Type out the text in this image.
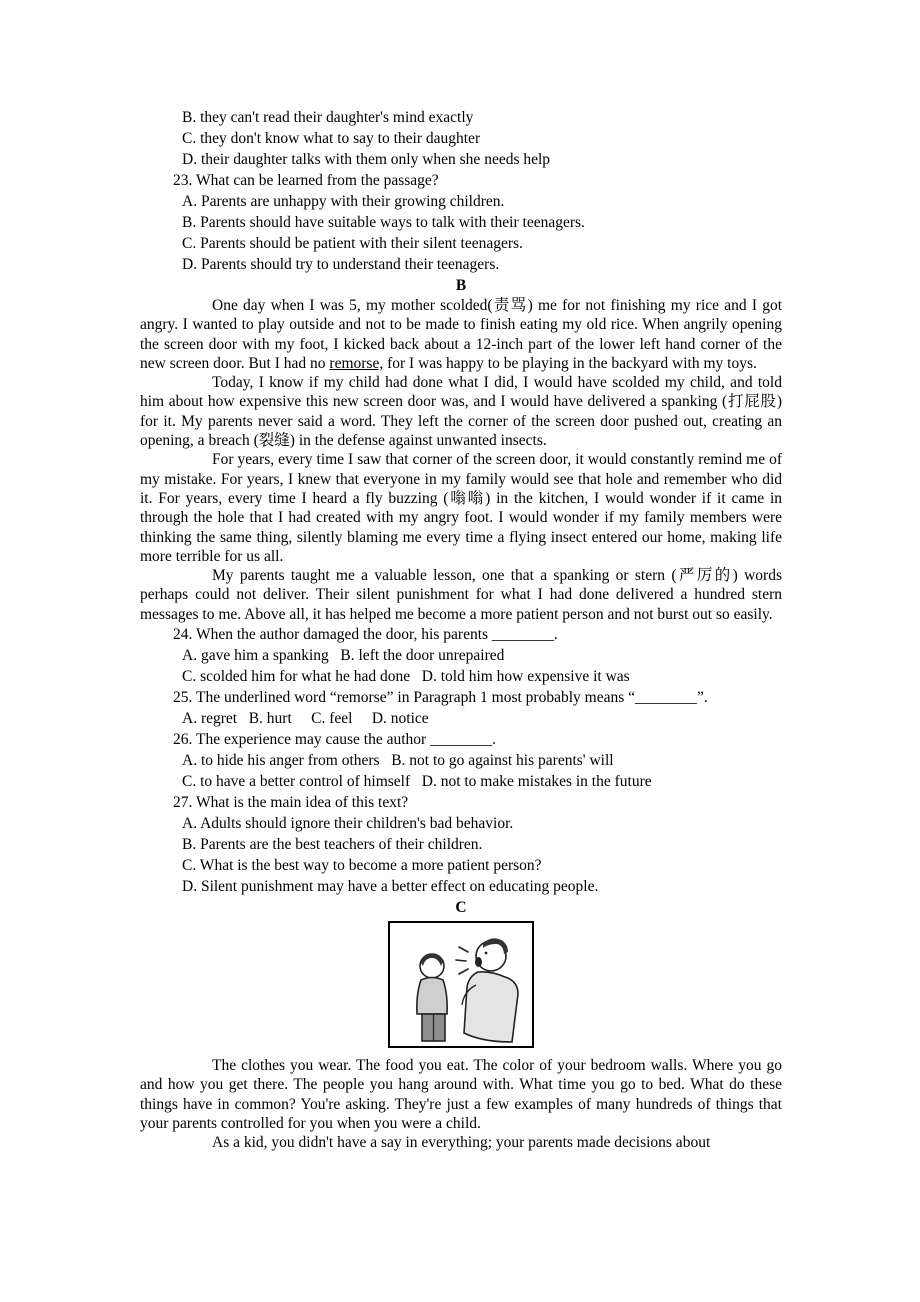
B. they can't read their daughter's mind exactly
C. they don't know what to say to their daughter
D. their daughter talks with them only when she needs help
23. What can be learned from the passage?
A. Parents are unhappy with their growing children.
B. Parents should have suitable ways to talk with their teenagers.
C. Parents should be patient with their silent teenagers.
D. Parents should try to understand their teenagers.
B

One day when I was 5, my mother scolded(责骂) me for not finishing my rice and I got angry. I wanted to play outside and not to be made to finish eating my old rice. When angrily opening the screen door with my foot, I kicked back about a 12-inch part of the lower left hand corner of the new screen door. But I had no remorse, for I was happy to be playing in the backyard with my toys.

Today, I know if my child had done what I did, I would have scolded my child, and told him about how expensive this new screen door was, and I would have delivered a spanking (打屁股) for it. My parents never said a word. They left the corner of the screen door pushed out, creating an opening, a breach (裂缝) in the defense against unwanted insects.

For years, every time I saw that corner of the screen door, it would constantly remind me of my mistake. For years, I knew that everyone in my family would see that hole and remember who did it. For years, every time I heard a fly buzzing (嗡嗡) in the kitchen, I would wonder if it came in through the hole that I had created with my angry foot. I would wonder if my family members were thinking the same thing, silently blaming me every time a flying insect entered our home, making life more terrible for us all.

My parents taught me a valuable lesson, one that a spanking or stern (严厉的) words perhaps could not deliver. Their silent punishment for what I had done delivered a hundred stern messages to me. Above all, it has helped me become a more patient person and not burst out so easily.

24. When the author damaged the door, his parents ________.
A. gave him a spanking   B. left the door unrepaired
C. scolded him for what he had done   D. told him how expensive it was
25. The underlined word “remorse” in Paragraph 1 most probably means “________”.
A. regret   B. hurt     C. feel     D. notice
26. The experience may cause the author ________.
A. to hide his anger from others   B. not to go against his parents' will
C. to have a better control of himself   D. not to make mistakes in the future
27. What is the main idea of this text?
A. Adults should ignore their children's bad behavior.
B. Parents are the best teachers of their children.
C. What is the best way to become a more patient person?
D. Silent punishment may have a better effect on educating people.
C

The clothes you wear. The food you eat. The color of your bedroom walls. Where you go and how you get there. The people you hang around with. What time you go to bed. What do these things have in common? You're asking. They're just a few examples of many hundreds of things that your parents controlled for you when you were a child.

As a kid, you didn't have a say in everything; your parents made decisions about
